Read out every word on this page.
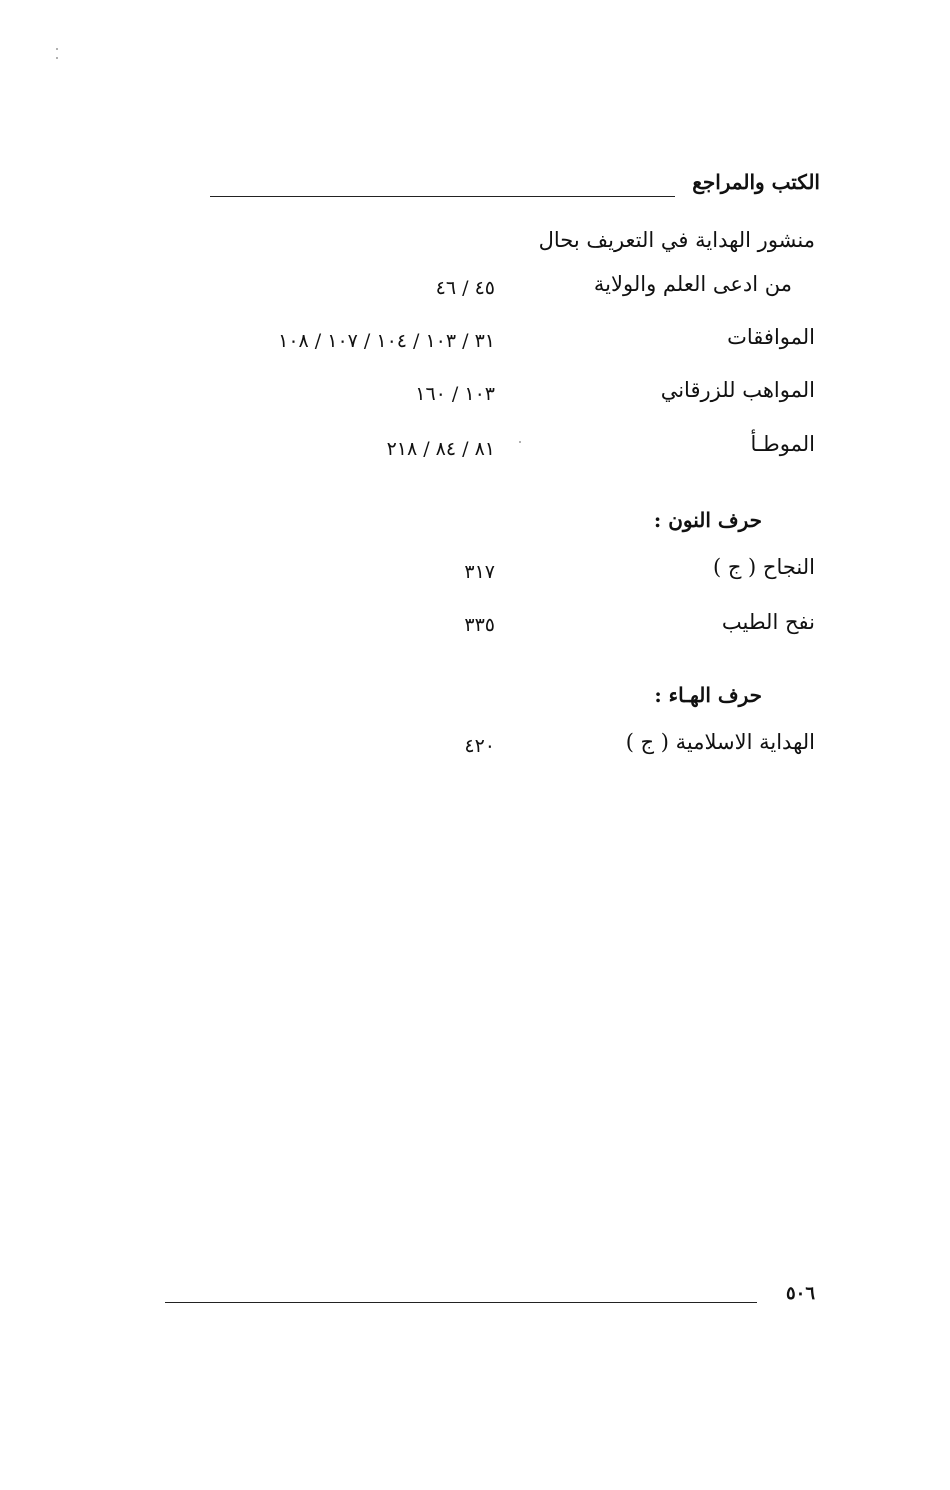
الكتب والمراجع
منشور الهداية في التعريف بحال
من ادعى العلم والولاية
٤٥ / ٤٦
الموافقات
٣١ / ١٠٣ / ١٠٤ / ١٠٧ / ١٠٨
المواهب للزرقاني
١٠٣ / ١٦٠
الموطـأ
٨١ / ٨٤ / ٢١٨
حرف النون :
النجاح ( ج )
٣١٧
نفح الطيب
٣٣٥
حرف الهـاء :
الهداية الاسلامية ( ج )
٤٢٠
٥٠٦
